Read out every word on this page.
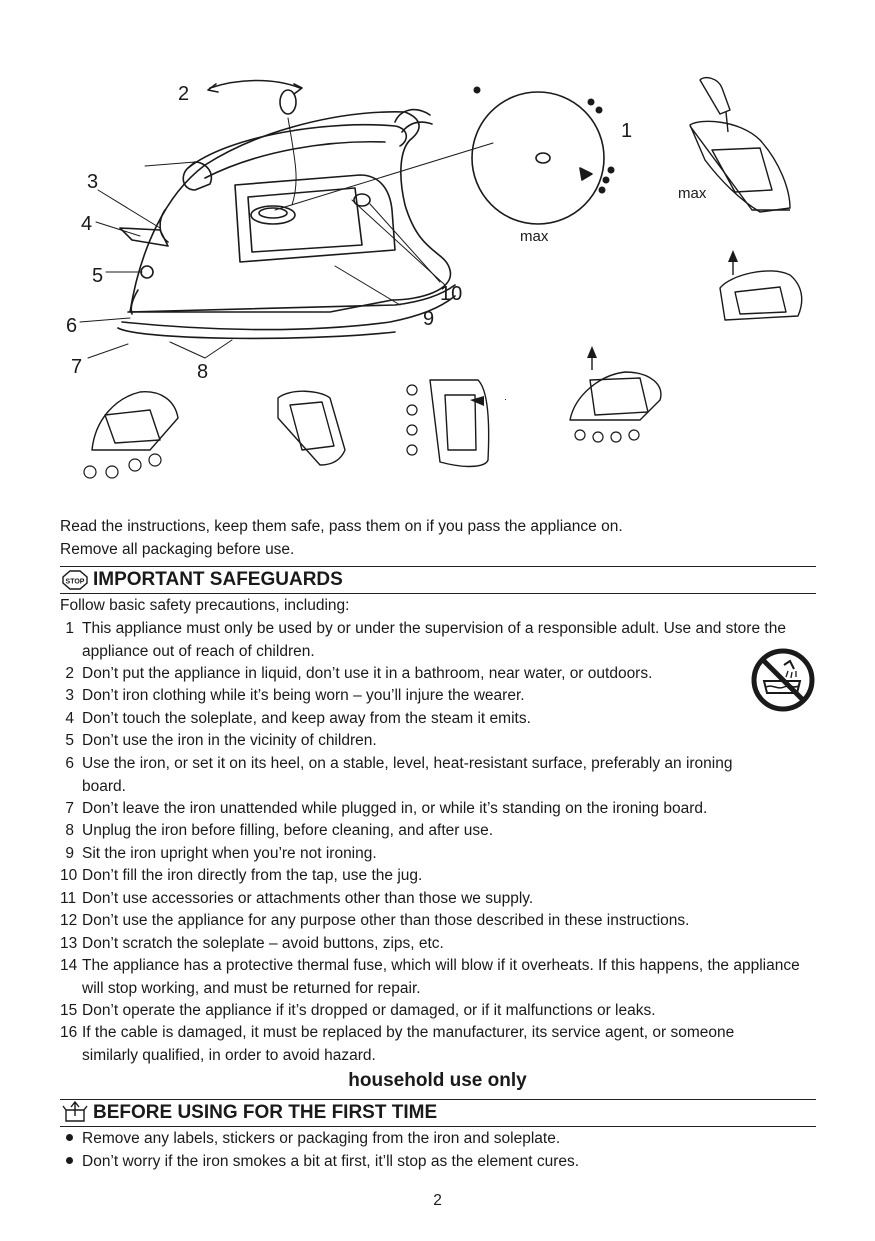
1
2
3
4
5
6
7	8
9
10
max
max
Read the instructions, keep them safe, pass them on if you pass the appliance on.
Remove all packaging before use.
STOP IMPORTANT SAFEGUARDS
Follow basic safety precautions, including:
1 This appliance must only be used by or under the supervision of a responsible adult. Use and store the appliance out of reach of children.
2 Don’t put the appliance in liquid, don’t use it in a bathroom, near water, or outdoors.
3 Don’t iron clothing while it’s being worn – you’ll injure the wearer.
4 Don’t touch the soleplate, and keep away from the steam it emits.
5 Don’t use the iron in the vicinity of children.
6 Use the iron, or set it on its heel, on a stable, level, heat-resistant surface, preferably an ironing board.
7 Don’t leave the iron unattended while plugged in, or while it’s standing on the ironing board.
8 Unplug the iron before filling, before cleaning, and after use.
9 Sit the iron upright when you’re not ironing.
10 Don’t fill the iron directly from the tap, use the jug.
11 Don’t use accessories or attachments other than those we supply.
12 Don’t use the appliance for any purpose other than those described in these instructions.
13 Don’t scratch the soleplate – avoid buttons, zips, etc.
14 The appliance has a protective thermal fuse, which will blow if it overheats. If this happens, the appliance will stop working, and must be returned for repair.
15 Don’t operate the appliance if it’s dropped or damaged, or if it malfunctions or leaks.
16 If the cable is damaged, it must be replaced by the manufacturer, its service agent, or someone similarly qualified, in order to avoid hazard.
household use only
BEFORE USING FOR THE FIRST TIME
Remove any labels, stickers or packaging from the iron and soleplate.
Don’t worry if the iron smokes a bit at first, it’ll stop as the element cures.
2
